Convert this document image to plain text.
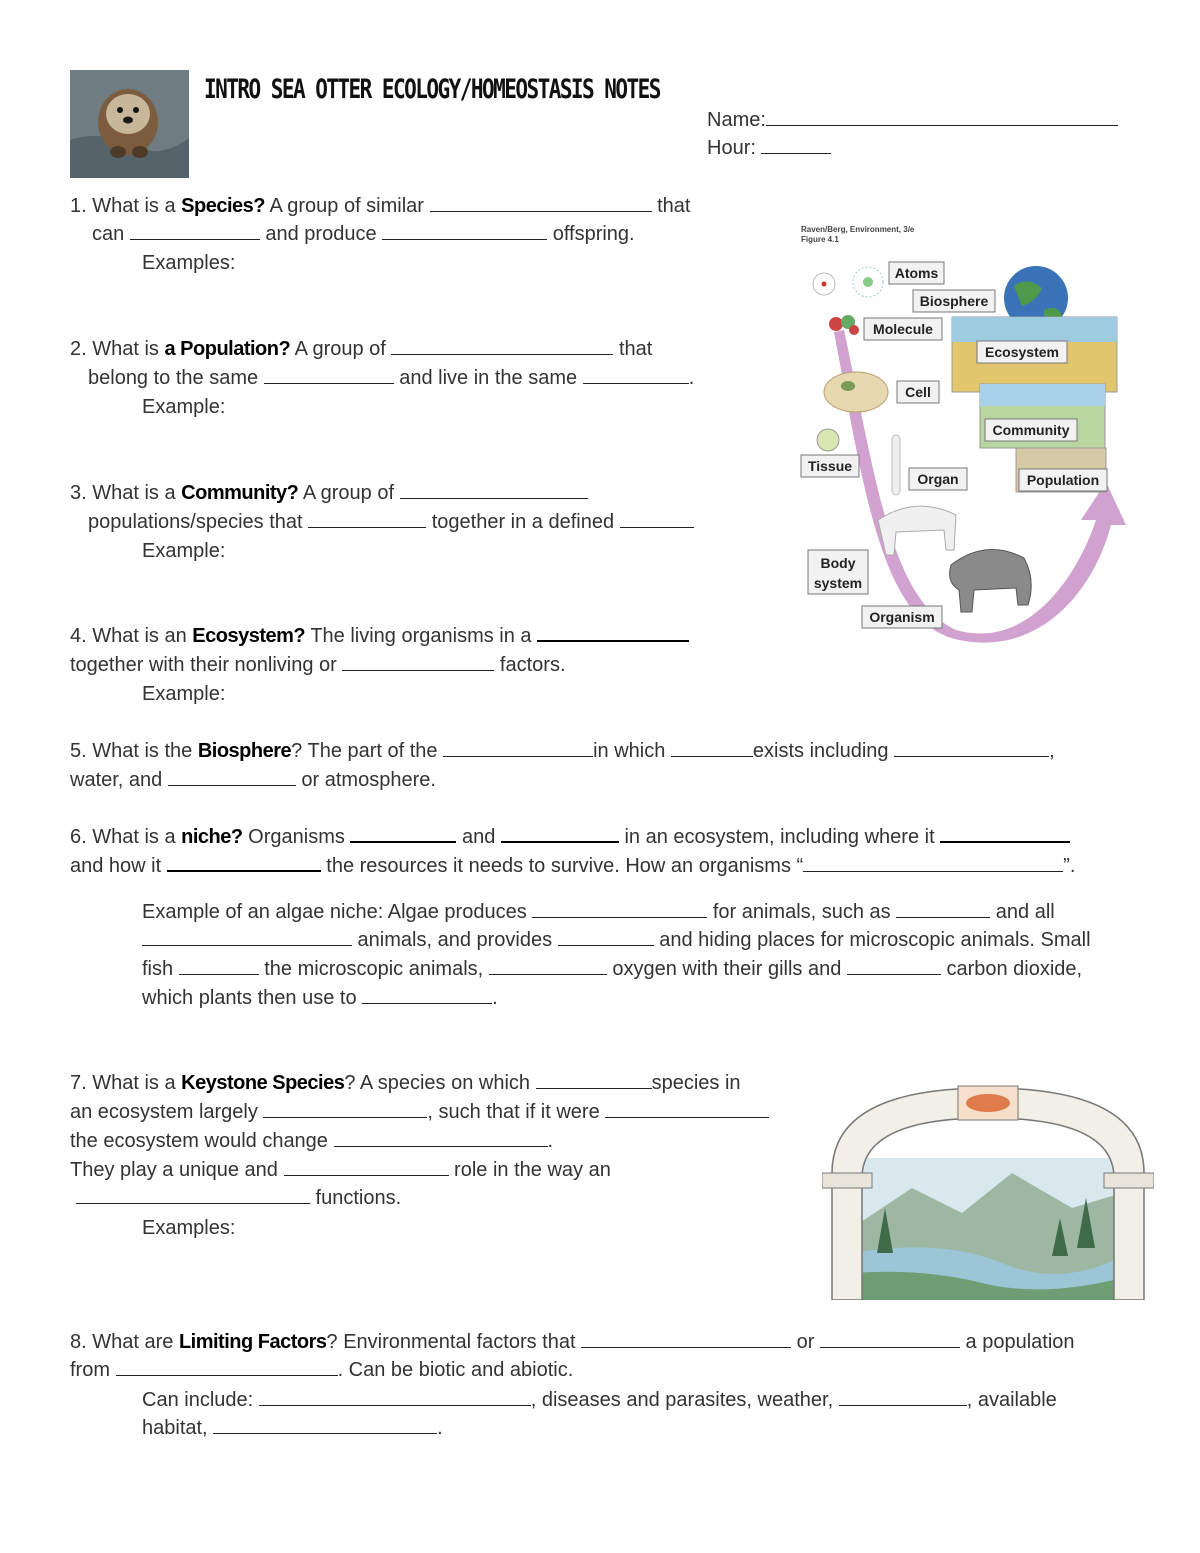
INTRO SEA OTTER ECOLOGY/HOMEOSTASIS NOTES
Name:
Hour:
1. What is a Species? A group of similar	that
can	and produce	offspring.
Examples:
2. What is a Population? A group of	that
belong to the same	and live in the same	.
Example:
3. What is a Community? A group of
populations/species that	together in a defined
Example:
4. What is an Ecosystem? The living organisms in a
together with their nonliving or	factors.
Example:
5. What is the Biosphere? The part of the	in which	exists including	,
water, and	or atmosphere.
6. What is a niche? Organisms	and	in an ecosystem, including where it
and how it	the resources it needs to survive. How an organisms “	”.
Example of an algae niche: Algae produces	for animals, such as	and all
animals, and provides	and hiding places for microscopic animals. Small
fish	the microscopic animals,	oxygen with their gills and	carbon dioxide,
which plants then use to	.
7. What is a Keystone Species? A species on which	species in
an ecosystem largely	, such that if it were
the ecosystem would change	.
They play a unique and	role in the way an
functions.
Examples:
8. What are Limiting Factors? Environmental factors that	or	a population
from	. Can be biotic and abiotic.
Can include:	, diseases and parasites, weather,	, available
habitat,	.
Raven/Berg, Environment, 3/e
Figure 4.1
Atoms
Biosphere
Molecule
Ecosystem
Cell
Community
Tissue
Organ	Population
Organism
Body
system
